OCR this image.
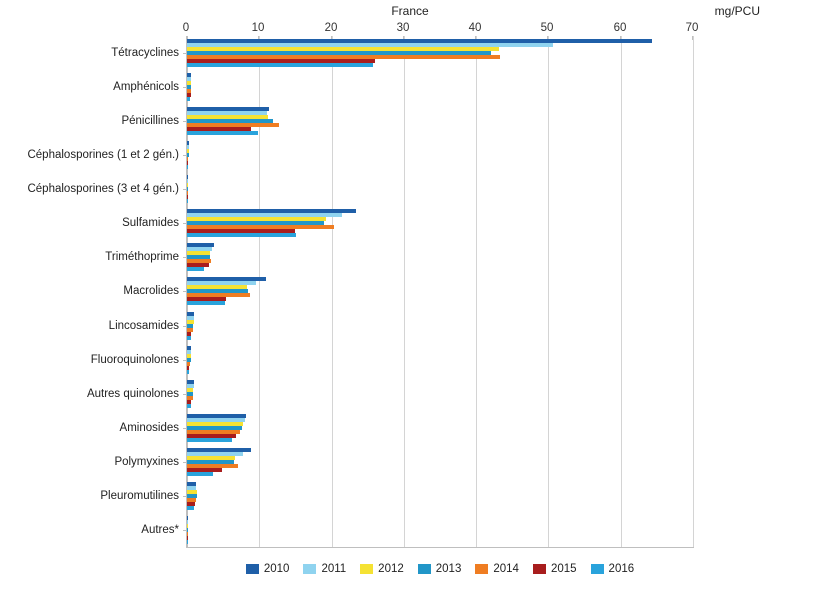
France	mg/PCU
0	10	20	30	40	50	60	70
Tétracyclines
Amphénicols
Pénicillines
Céphalosporines (1 et 2 gén.)
Céphalosporines (3 et 4 gén.)
Sulfamides
Triméthoprime
Macrolides
Lincosamides
Fluoroquinolones
Autres quinolones
Aminosides
Polymyxines
Pleuromutilines
Autres*
2010	2011	2012	2013	2014	2015	2016
